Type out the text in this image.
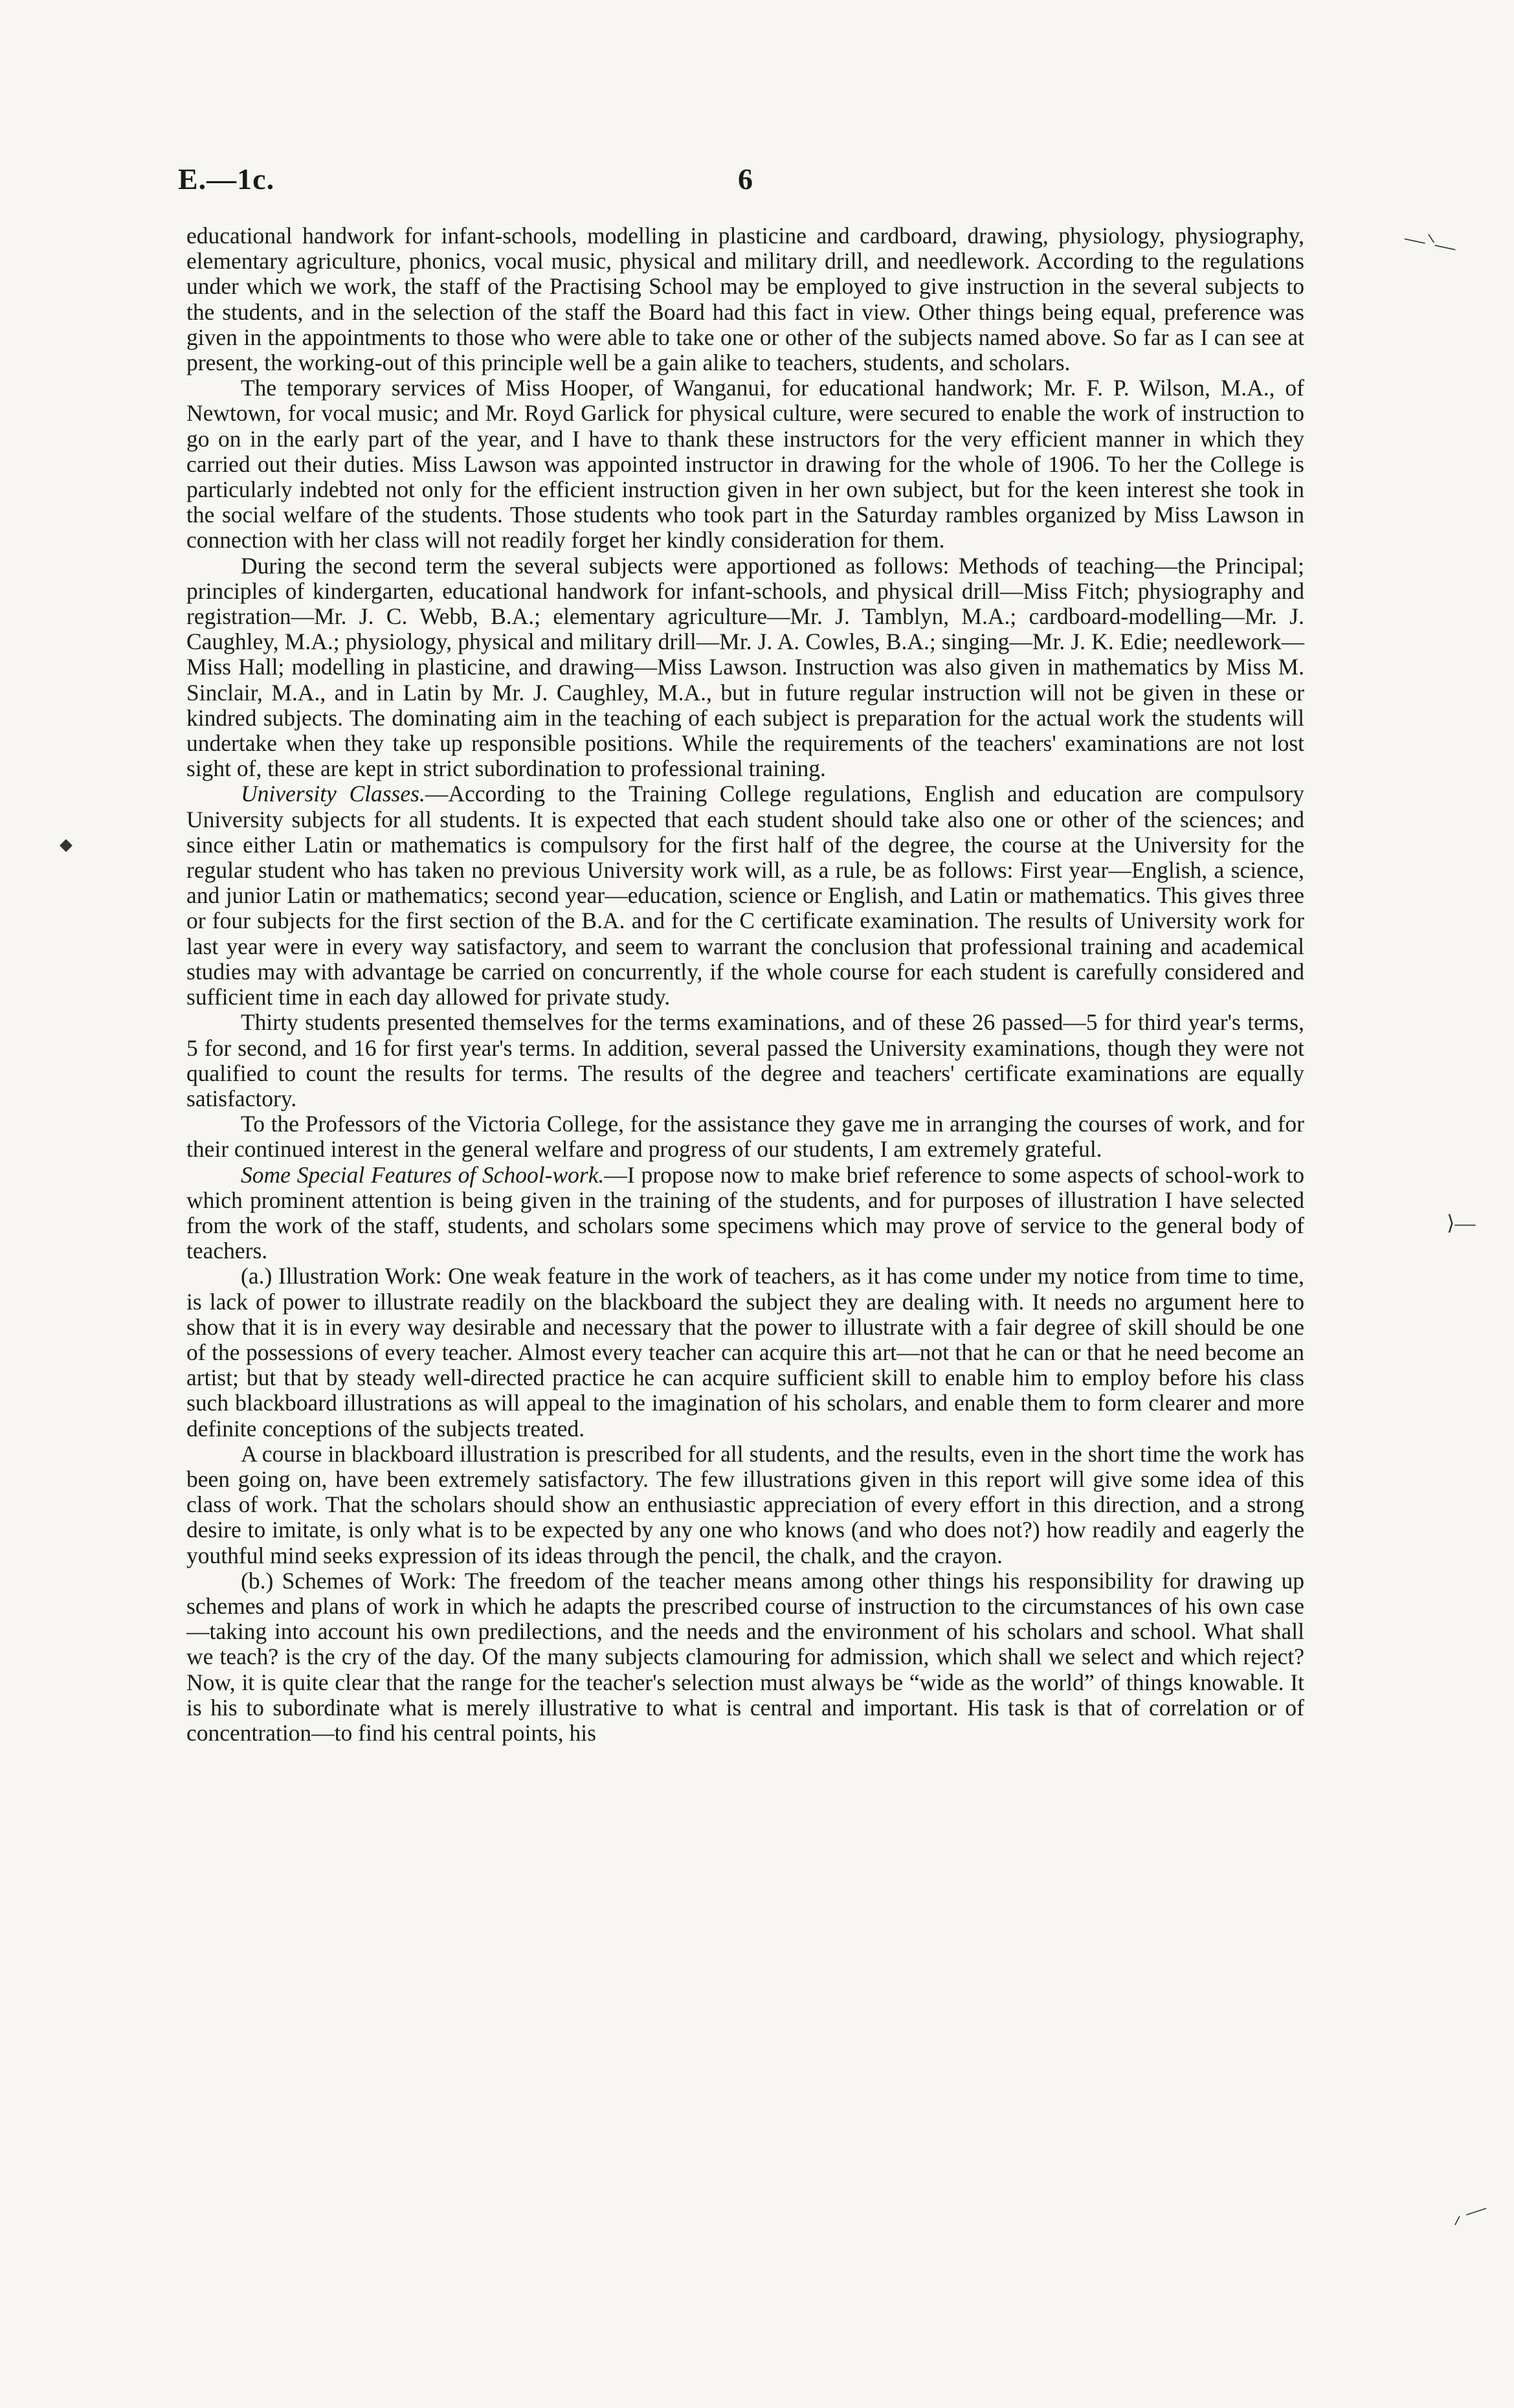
E.—1c.	6
—⸌—
◆
⟩—
⸝ —

educational handwork for infant-schools, modelling in plasticine and cardboard, drawing, physiology, physiography, elementary agriculture, phonics, vocal music, physical and military drill, and needlework. According to the regulations under which we work, the staff of the Practising School may be employed to give instruction in the several subjects to the students, and in the selection of the staff the Board had this fact in view. Other things being equal, preference was given in the appointments to those who were able to take one or other of the subjects named above. So far as I can see at present, the working-out of this principle well be a gain alike to teachers, students, and scholars.

The temporary services of Miss Hooper, of Wanganui, for educational handwork; Mr. F. P. Wilson, M.A., of Newtown, for vocal music; and Mr. Royd Garlick for physical culture, were secured to enable the work of instruction to go on in the early part of the year, and I have to thank these instructors for the very efficient manner in which they carried out their duties. Miss Lawson was appointed instructor in drawing for the whole of 1906. To her the College is particularly indebted not only for the efficient instruction given in her own subject, but for the keen interest she took in the social welfare of the students. Those students who took part in the Saturday rambles organized by Miss Lawson in connection with her class will not readily forget her kindly consideration for them.

During the second term the several subjects were apportioned as follows: Methods of teaching—the Principal; principles of kindergarten, educational handwork for infant-schools, and physical drill—Miss Fitch; physiography and registration—Mr. J. C. Webb, B.A.; elementary agriculture—Mr. J. Tamblyn, M.A.; cardboard-modelling—Mr. J. Caughley, M.A.; physiology, physical and military drill—Mr. J. A. Cowles, B.A.; singing—Mr. J. K. Edie; needlework—Miss Hall; modelling in plasticine, and drawing—Miss Lawson. Instruction was also given in mathematics by Miss M. Sinclair, M.A., and in Latin by Mr. J. Caughley, M.A., but in future regular instruction will not be given in these or kindred subjects. The dominating aim in the teaching of each subject is preparation for the actual work the students will undertake when they take up responsible positions. While the requirements of the teachers' examinations are not lost sight of, these are kept in strict subordination to professional training.

University Classes.—According to the Training College regulations, English and education are compulsory University subjects for all students. It is expected that each student should take also one or other of the sciences; and since either Latin or mathematics is compulsory for the first half of the degree, the course at the University for the regular student who has taken no previous University work will, as a rule, be as follows: First year—English, a science, and junior Latin or mathematics; second year—education, science or English, and Latin or mathematics. This gives three or four subjects for the first section of the B.A. and for the C certificate examination. The results of University work for last year were in every way satisfactory, and seem to warrant the conclusion that professional training and academical studies may with advantage be carried on concurrently, if the whole course for each student is carefully considered and sufficient time in each day allowed for private study.

Thirty students presented themselves for the terms examinations, and of these 26 passed—5 for third year's terms, 5 for second, and 16 for first year's terms. In addition, several passed the University examinations, though they were not qualified to count the results for terms. The results of the degree and teachers' certificate examinations are equally satisfactory.

To the Professors of the Victoria College, for the assistance they gave me in arranging the courses of work, and for their continued interest in the general welfare and progress of our students, I am extremely grateful.

Some Special Features of School-work.—I propose now to make brief reference to some aspects of school-work to which prominent attention is being given in the training of the students, and for purposes of illustration I have selected from the work of the staff, students, and scholars some specimens which may prove of service to the general body of teachers.

(a.) Illustration Work: One weak feature in the work of teachers, as it has come under my notice from time to time, is lack of power to illustrate readily on the blackboard the subject they are dealing with. It needs no argument here to show that it is in every way desirable and necessary that the power to illustrate with a fair degree of skill should be one of the possessions of every teacher. Almost every teacher can acquire this art—not that he can or that he need become an artist; but that by steady well-directed practice he can acquire sufficient skill to enable him to employ before his class such blackboard illustrations as will appeal to the imagination of his scholars, and enable them to form clearer and more definite conceptions of the subjects treated.

A course in blackboard illustration is prescribed for all students, and the results, even in the short time the work has been going on, have been extremely satisfactory. The few illustrations given in this report will give some idea of this class of work. That the scholars should show an enthusiastic appreciation of every effort in this direction, and a strong desire to imitate, is only what is to be expected by any one who knows (and who does not?) how readily and eagerly the youthful mind seeks expression of its ideas through the pencil, the chalk, and the crayon.

(b.) Schemes of Work: The freedom of the teacher means among other things his responsibility for drawing up schemes and plans of work in which he adapts the prescribed course of instruction to the circumstances of his own case—taking into account his own predilections, and the needs and the environment of his scholars and school. What shall we teach? is the cry of the day. Of the many subjects clamouring for admission, which shall we select and which reject? Now, it is quite clear that the range for the teacher's selection must always be “wide as the world” of things knowable. It is his to subordinate what is merely illustrative to what is central and important. His task is that of correlation or of concentration—to find his central points, his
